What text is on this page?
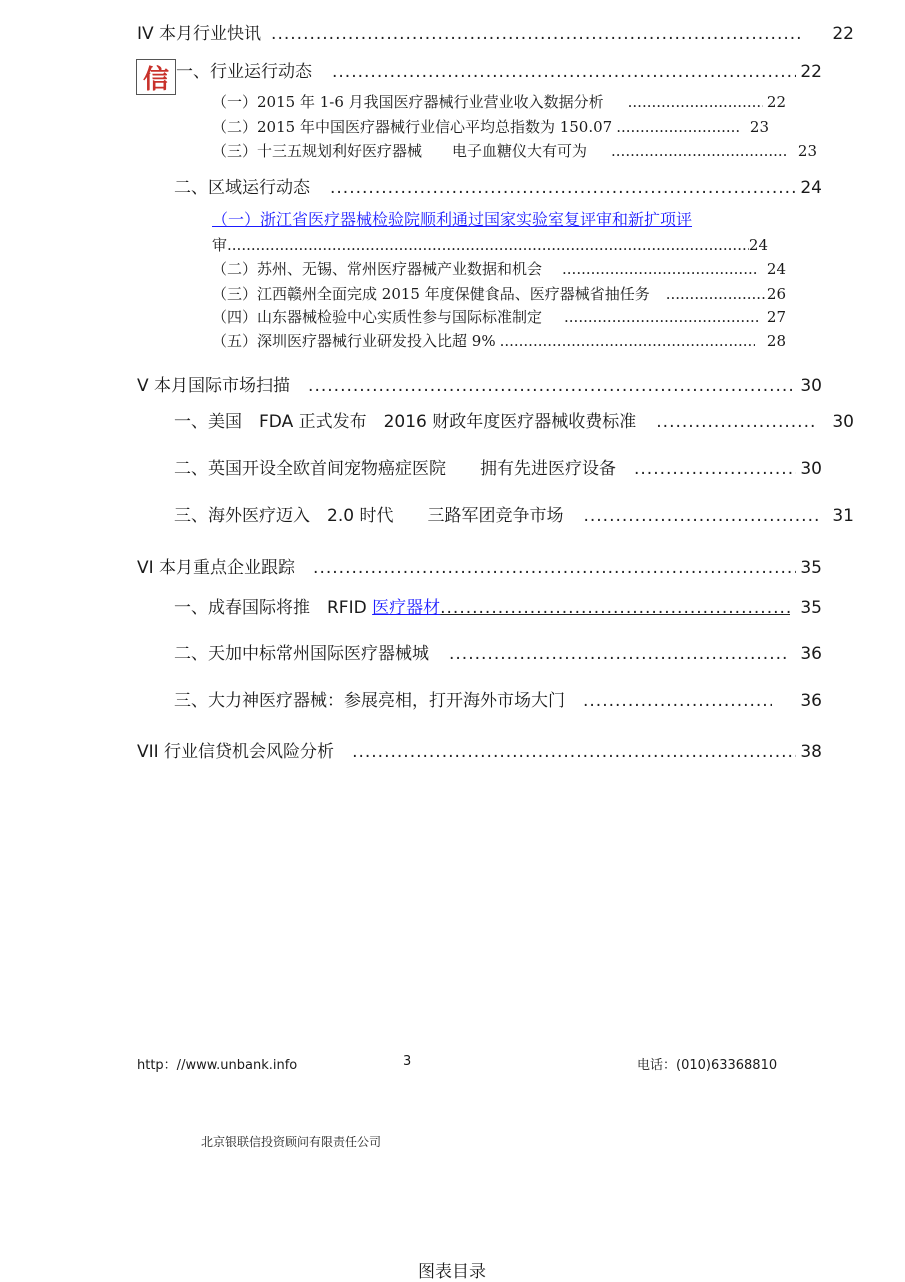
信
IV 本月行业快讯 .....	22
一、行业运行动态 .....	22
（一）2015 年 1-6 月我国医疗器械行业营业收入数据分析 .....	22
（二）2015 年中国医疗器械行业信心平均总指数为 150.07 .....	23
（三）十三五规划利好医疗器械　　电子血糖仪大有可为 .....	23
二、区域运行动态 .....	24
（一）浙江省医疗器械检验院顺利通过国家实验室复评审和新扩项评
审 .....	24
（二）苏州、无锡、常州医疗器械产业数据和机会 .....	24
（三）江西赣州全面完成 2015 年度保健食品、医疗器械省抽任务 .....	26
（四）山东器械检验中心实质性参与国际标准制定 .....	27
（五）深圳医疗器械行业研发投入比超 9% .....	28
V 本月国际市场扫描 .....	30
一、美国　FDA 正式发布　2016 财政年度医疗器械收费标准 .....	30
二、英国开设全欧首间宠物癌症医院　　拥有先进医疗设备 .....	30
三、海外医疗迈入　2.0 时代　　三路军团竞争市场 .....	31
VI 本月重点企业跟踪 .....	35
一、成春国际将推　RFID 医疗器材 .....	35
二、天加中标常州国际医疗器械城 .....	36
三、大力神医疗器械：参展亮相，打开海外市场大门 .....	36
VII 行业信贷机会风险分析 .....	38
http：//www.unbank.info	3	电话：(010)63368810
北京银联信投资顾问有限责任公司
图表目录
